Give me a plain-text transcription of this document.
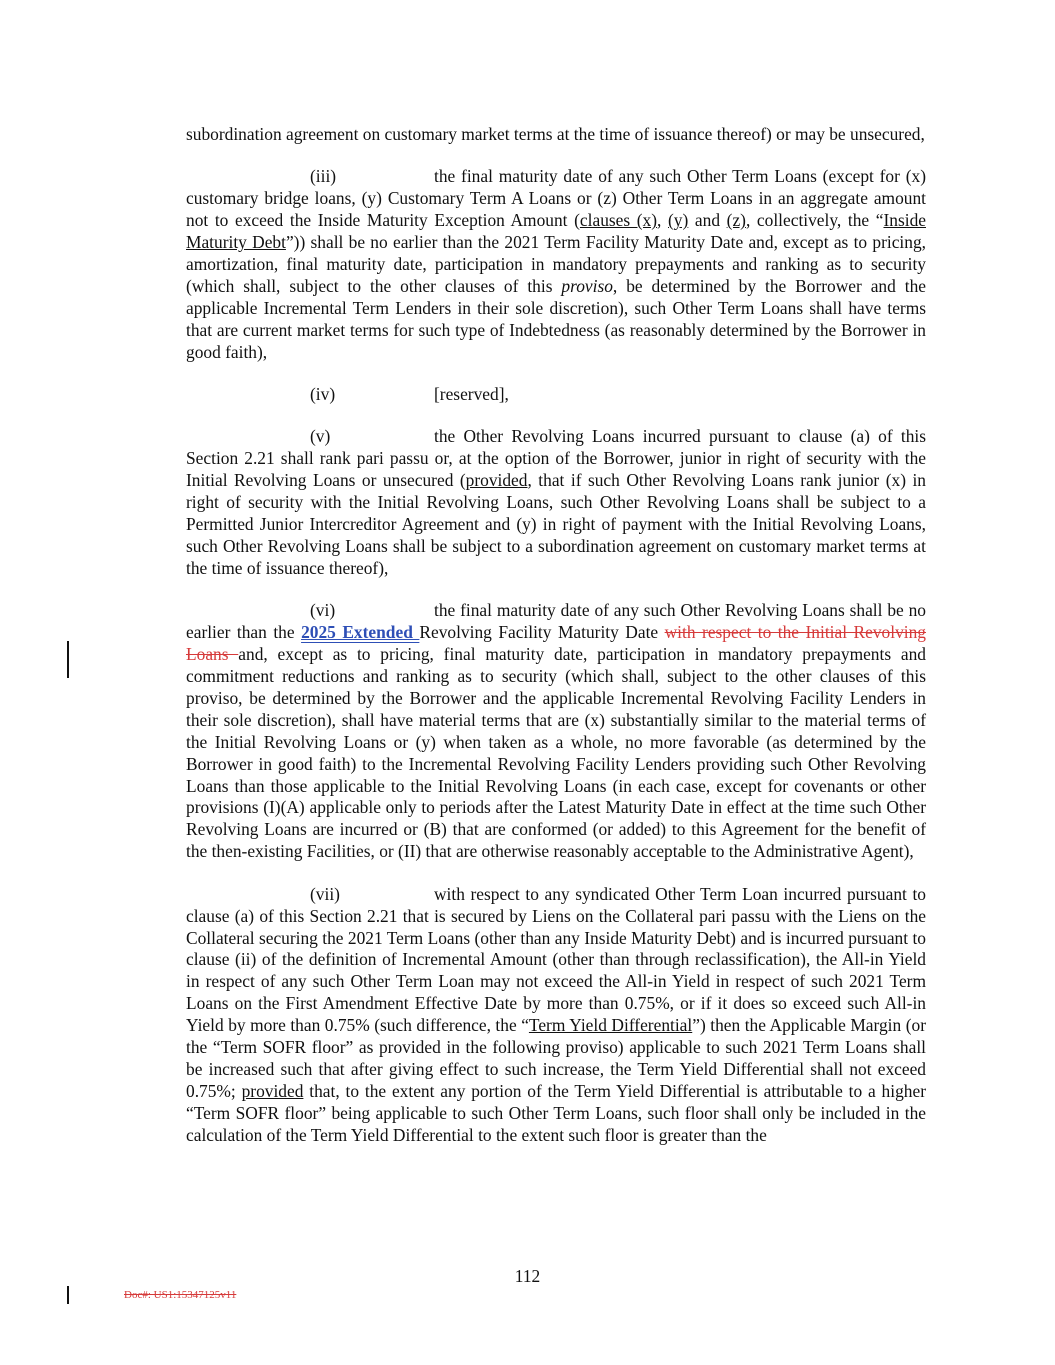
subordination agreement on customary market terms at the time of issuance thereof) or may be unsecured,

(iii)	the final maturity date of any such Other Term Loans (except for (x) customary bridge loans, (y) Customary Term A Loans or (z) Other Term Loans in an aggregate amount not to exceed the Inside Maturity Exception Amount (clauses (x), (y) and (z), collectively, the “Inside Maturity Debt”)) shall be no earlier than the 2021 Term Facility Maturity Date and, except as to pricing, amortization, final maturity date, participation in mandatory prepayments and ranking as to security (which shall, subject to the other clauses of this proviso, be determined by the Borrower and the applicable Incremental Term Lenders in their sole discretion), such Other Term Loans shall have terms that are current market terms for such type of Indebtedness (as reasonably determined by the Borrower in good faith),

(iv)	[reserved],

(v)	the Other Revolving Loans incurred pursuant to clause (a) of this Section 2.21 shall rank pari passu or, at the option of the Borrower, junior in right of security with the Initial Revolving Loans or unsecured (provided, that if such Other Revolving Loans rank junior (x) in right of security with the Initial Revolving Loans, such Other Revolving Loans shall be subject to a Permitted Junior Intercreditor Agreement and (y) in right of payment with the Initial Revolving Loans, such Other Revolving Loans shall be subject to a subordination agreement on customary market terms at the time of issuance thereof),

(vi)	the final maturity date of any such Other Revolving Loans shall be no earlier than the 2025 Extended Revolving Facility Maturity Date with respect to the Initial Revolving Loans and, except as to pricing, final maturity date, participation in mandatory prepayments and commitment reductions and ranking as to security (which shall, subject to the other clauses of this proviso, be determined by the Borrower and the applicable Incremental Revolving Facility Lenders in their sole discretion), shall have material terms that are (x) substantially similar to the material terms of the Initial Revolving Loans or (y) when taken as a whole, no more favorable (as determined by the Borrower in good faith) to the Incremental Revolving Facility Lenders providing such Other Revolving Loans than those applicable to the Initial Revolving Loans (in each case, except for covenants or other provisions (I)(A) applicable only to periods after the Latest Maturity Date in effect at the time such Other Revolving Loans are incurred or (B) that are conformed (or added) to this Agreement for the benefit of the then-existing Facilities, or (II) that are otherwise reasonably acceptable to the Administrative Agent),

(vii)	with respect to any syndicated Other Term Loan incurred pursuant to clause (a) of this Section 2.21 that is secured by Liens on the Collateral pari passu with the Liens on the Collateral securing the 2021 Term Loans (other than any Inside Maturity Debt) and is incurred pursuant to clause (ii) of the definition of Incremental Amount (other than through reclassification), the All-in Yield in respect of any such Other Term Loan may not exceed the All-in Yield in respect of such 2021 Term Loans on the First Amendment Effective Date by more than 0.75%, or if it does so exceed such All-in Yield by more than 0.75% (such difference, the “Term Yield Differential”) then the Applicable Margin (or the “Term SOFR floor” as provided in the following proviso) applicable to such 2021 Term Loans shall be increased such that after giving effect to such increase, the Term Yield Differential shall not exceed 0.75%; provided that, to the extent any portion of the Term Yield Differential is attributable to a higher “Term SOFR floor” being applicable to such Other Term Loans, such floor shall only be included in the calculation of the Term Yield Differential to the extent such floor is greater than the

112
Doc#: US1:15347125v11
